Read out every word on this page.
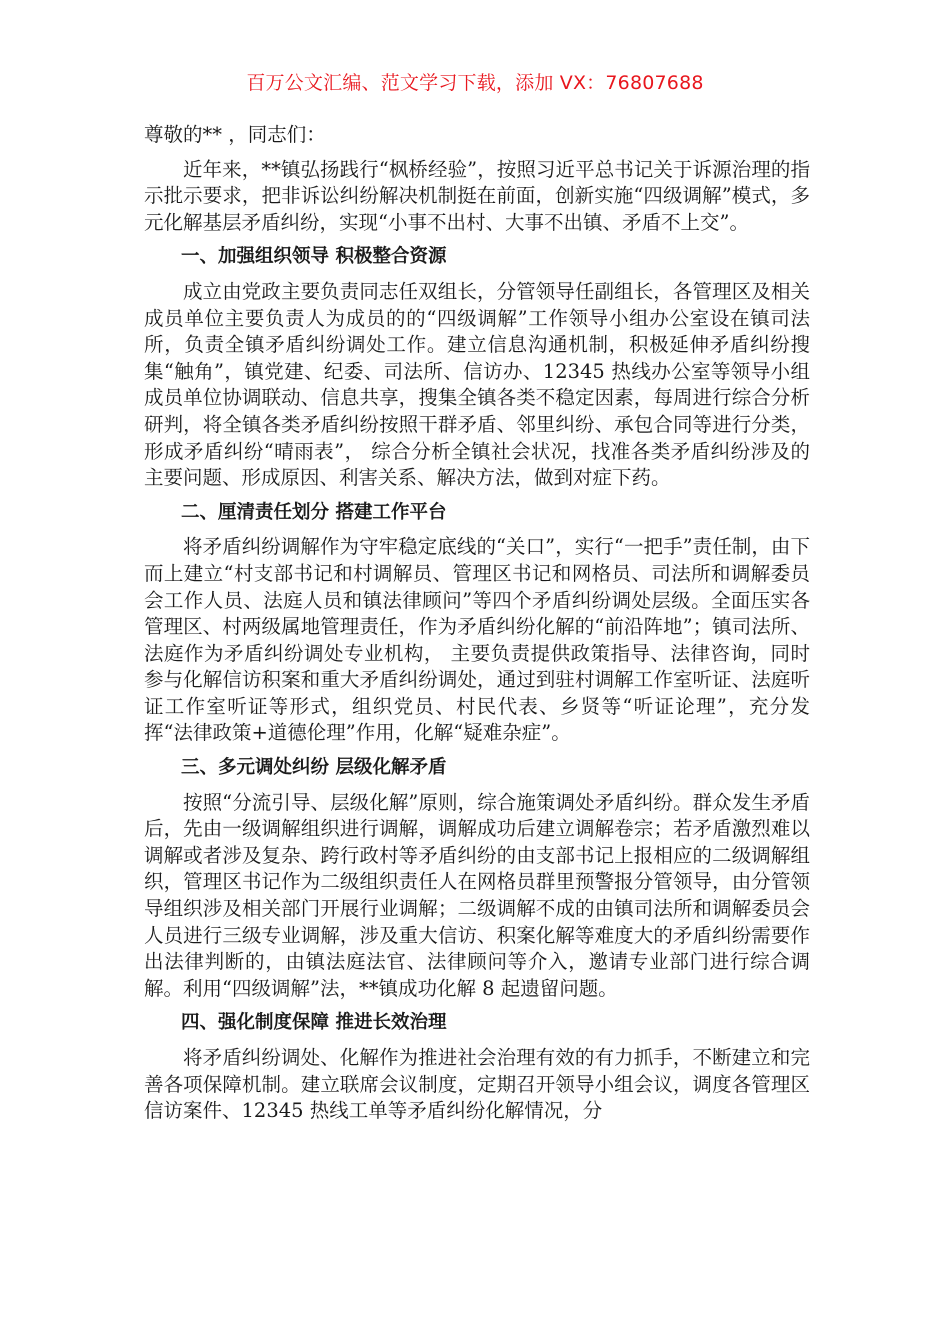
百万公文汇编、范文学习下载，添加 VX：76807688

尊敬的** ，同志们：

近年来，**镇弘扬践行“枫桥经验”，按照习近平总书记关于诉源治理的指示批示要求，把非诉讼纠纷解决机制挺在前面，创新实施“四级调解”模式，多元化解基层矛盾纠纷，实现“小事不出村、大事不出镇、矛盾不上交”。

一、加强组织领导 积极整合资源

成立由党政主要负责同志任双组长，分管领导任副组长，各管理区及相关成员单位主要负责人为成员的的“四级调解”工作领导小组办公室设在镇司法所，负责全镇矛盾纠纷调处工作。建立信息沟通机制，积极延伸矛盾纠纷搜集“触角”，镇党建、纪委、司法所、信访办、12345 热线办公室等领导小组成员单位协调联动、信息共享，搜集全镇各类不稳定因素，每周进行综合分析研判，将全镇各类矛盾纠纷按照干群矛盾、邻里纠纷、承包合同等进行分类，形成矛盾纠纷“晴雨表”， 综合分析全镇社会状况，找准各类矛盾纠纷涉及的主要问题、形成原因、利害关系、解决方法，做到对症下药。

二、厘清责任划分 搭建工作平台

将矛盾纠纷调解作为守牢稳定底线的“关口”，实行“一把手”责任制，由下而上建立“村支部书记和村调解员、管理区书记和网格员、司法所和调解委员会工作人员、法庭人员和镇法律顾问”等四个矛盾纠纷调处层级。全面压实各管理区、村两级属地管理责任，作为矛盾纠纷化解的“前沿阵地”；镇司法所、法庭作为矛盾纠纷调处专业机构， 主要负责提供政策指导、法律咨询，同时参与化解信访积案和重大矛盾纠纷调处，通过到驻村调解工作室听证、法庭听证工作室听证等形式，组织党员、村民代表、乡贤等“听证论理”，充分发挥“法律政策+道德伦理”作用，化解“疑难杂症”。

三、多元调处纠纷 层级化解矛盾

按照“分流引导、层级化解”原则，综合施策调处矛盾纠纷。群众发生矛盾后，先由一级调解组织进行调解，调解成功后建立调解卷宗；若矛盾激烈难以调解或者涉及复杂、跨行政村等矛盾纠纷的由支部书记上报相应的二级调解组织，管理区书记作为二级组织责任人在网格员群里预警报分管领导，由分管领导组织涉及相关部门开展行业调解；二级调解不成的由镇司法所和调解委员会人员进行三级专业调解，涉及重大信访、积案化解等难度大的矛盾纠纷需要作出法律判断的，由镇法庭法官、法律顾问等介入，邀请专业部门进行综合调解。利用“四级调解”法，**镇成功化解 8 起遗留问题。

四、强化制度保障 推进长效治理

将矛盾纠纷调处、化解作为推进社会治理有效的有力抓手，不断建立和完善各项保障机制。建立联席会议制度，定期召开领导小组会议，调度各管理区信访案件、12345 热线工单等矛盾纠纷化解情况，分
